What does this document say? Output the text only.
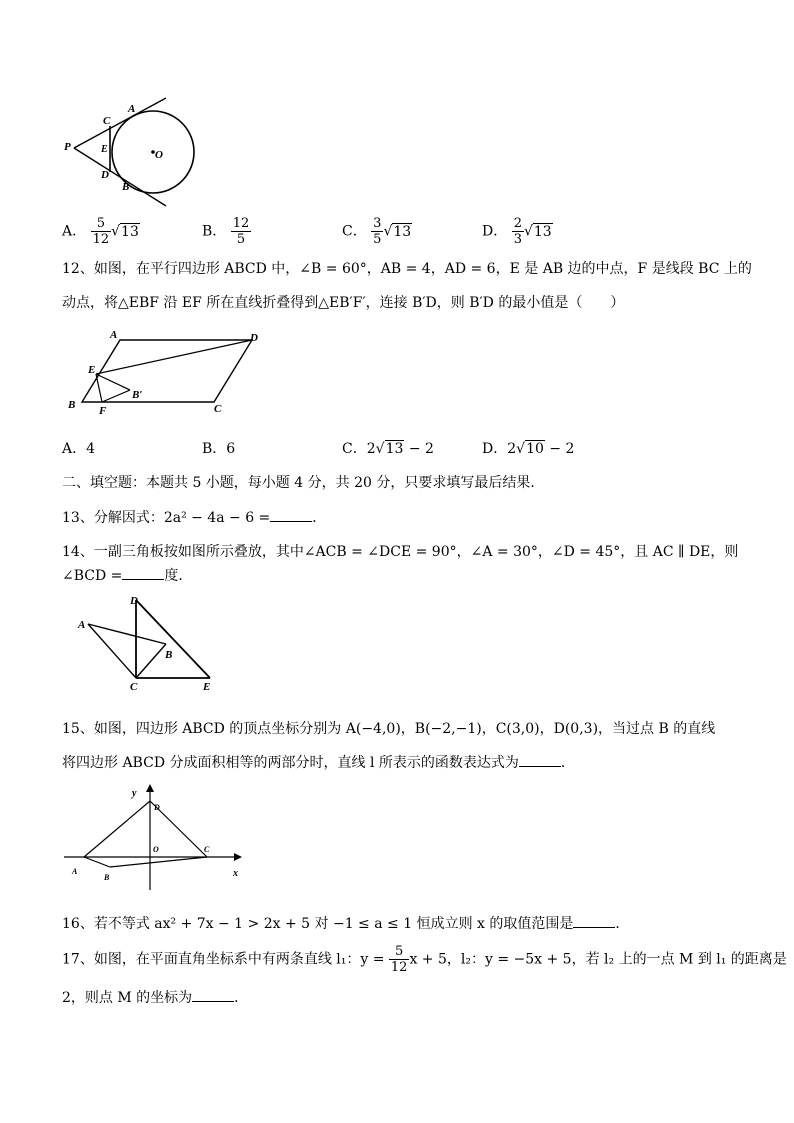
P
C
A
E
D
B
O
A． $\frac{5}{12} √13$	B． $\frac{12}{5}$	C． $\frac{3}{5} √13$	D． $\frac{2}{3} √13$
12、如图，在平行四边形 ABCD 中，∠B = 60°，AB = 4，AD = 6，E 是 AB 边的中点，F 是线段 BC 上的
动点，将△EBF 沿 EF 所在直线折叠得到△EB′F′，连接 B′D，则 B′D 的最小值是（　　）
A	D
E
B F
B′
C
A．4	B．6	C．2√13 − 2	D．2√10 − 2
二、填空题：本题共 5 小题，每小题 4 分，共 20 分，只要求填写最后结果．
13、分解因式：2a² − 4a − 6 =	．
14、一副三角板按如图所示叠放，其中∠ACB = ∠DCE = 90°，∠A = 30°，∠D = 45°，且 AC ∥ DE，则
∠BCD =	度．
A
D
B
C	E
15、如图，四边形 ABCD 的顶点坐标分别为 A(−4,0)，B(−2,−1)，C(3,0)，D(0,3)，当过点 B 的直线
将四边形 ABCD 分成面积相等的两部分时，直线 l 所表示的函数表达式为	．
y
D
O	C
A
B	x
16、若不等式 ax² + 7x − 1 > 2x + 5 对 −1 ≤ a ≤ 1 恒成立则 x 的取值范围是	．
17、如图，在平面直角坐标系中有两条直线 l₁：$y = \frac{5}{12}$ x + 5，l₂：y = −5x + 5，若 l₂ 上的一点 M 到 l₁ 的距离是
2，则点 M 的坐标为	．
